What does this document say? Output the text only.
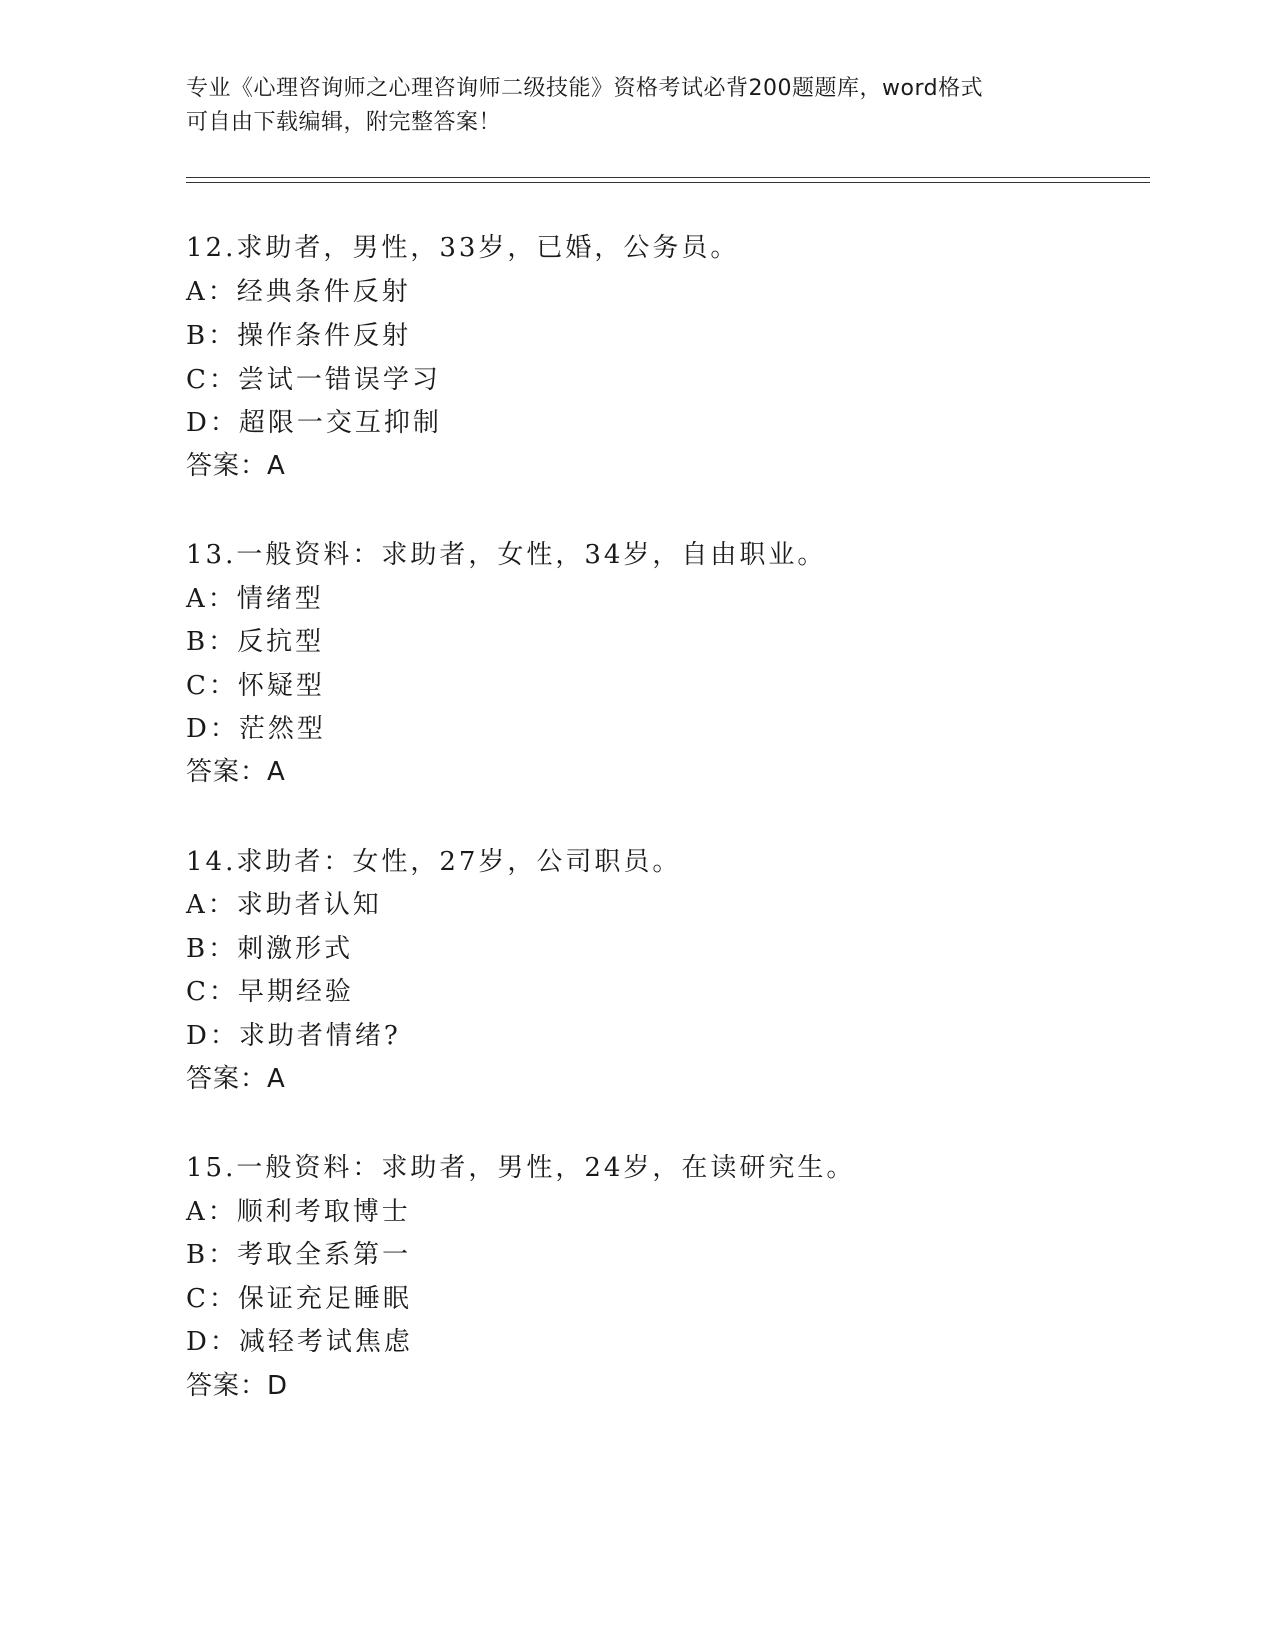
专业《心理咨询师之心理咨询师二级技能》资格考试必背200题题库，word格式
可自由下载编辑，附完整答案！
12.求助者，男性，33岁，已婚，公务员。
A：经典条件反射
B：操作条件反射
C：尝试一错误学习
D：超限一交互抑制
答案：A
13.一般资料：求助者，女性，34岁，自由职业。
A：情绪型
B：反抗型
C：怀疑型
D：茫然型
答案：A
14.求助者：女性，27岁，公司职员。
A：求助者认知
B：刺激形式
C：早期经验
D：求助者情绪?
答案：A
15.一般资料：求助者，男性，24岁，在读研究生。
A：顺利考取博士
B：考取全系第一
C：保证充足睡眠
D：减轻考试焦虑
答案：D
